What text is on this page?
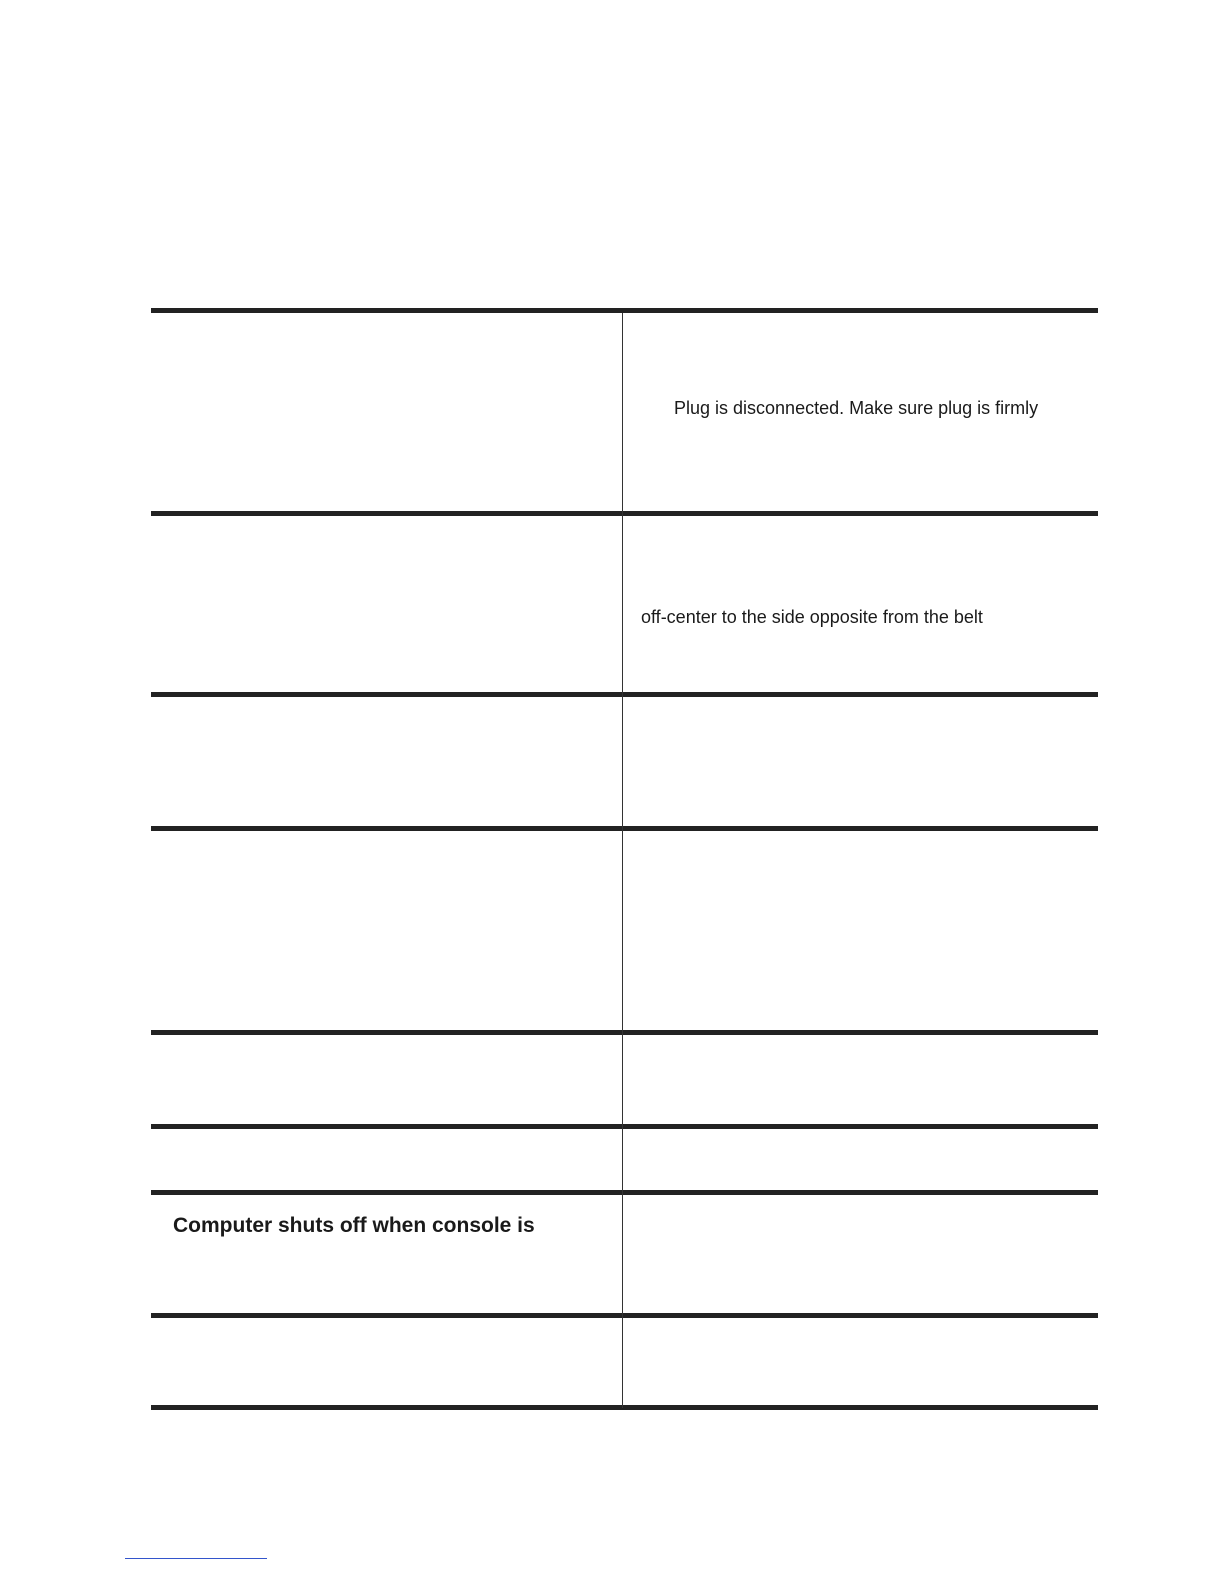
Plug is disconnected. Make sure plug is firmly
off-center to the side opposite from the belt
Computer shuts off when console is
